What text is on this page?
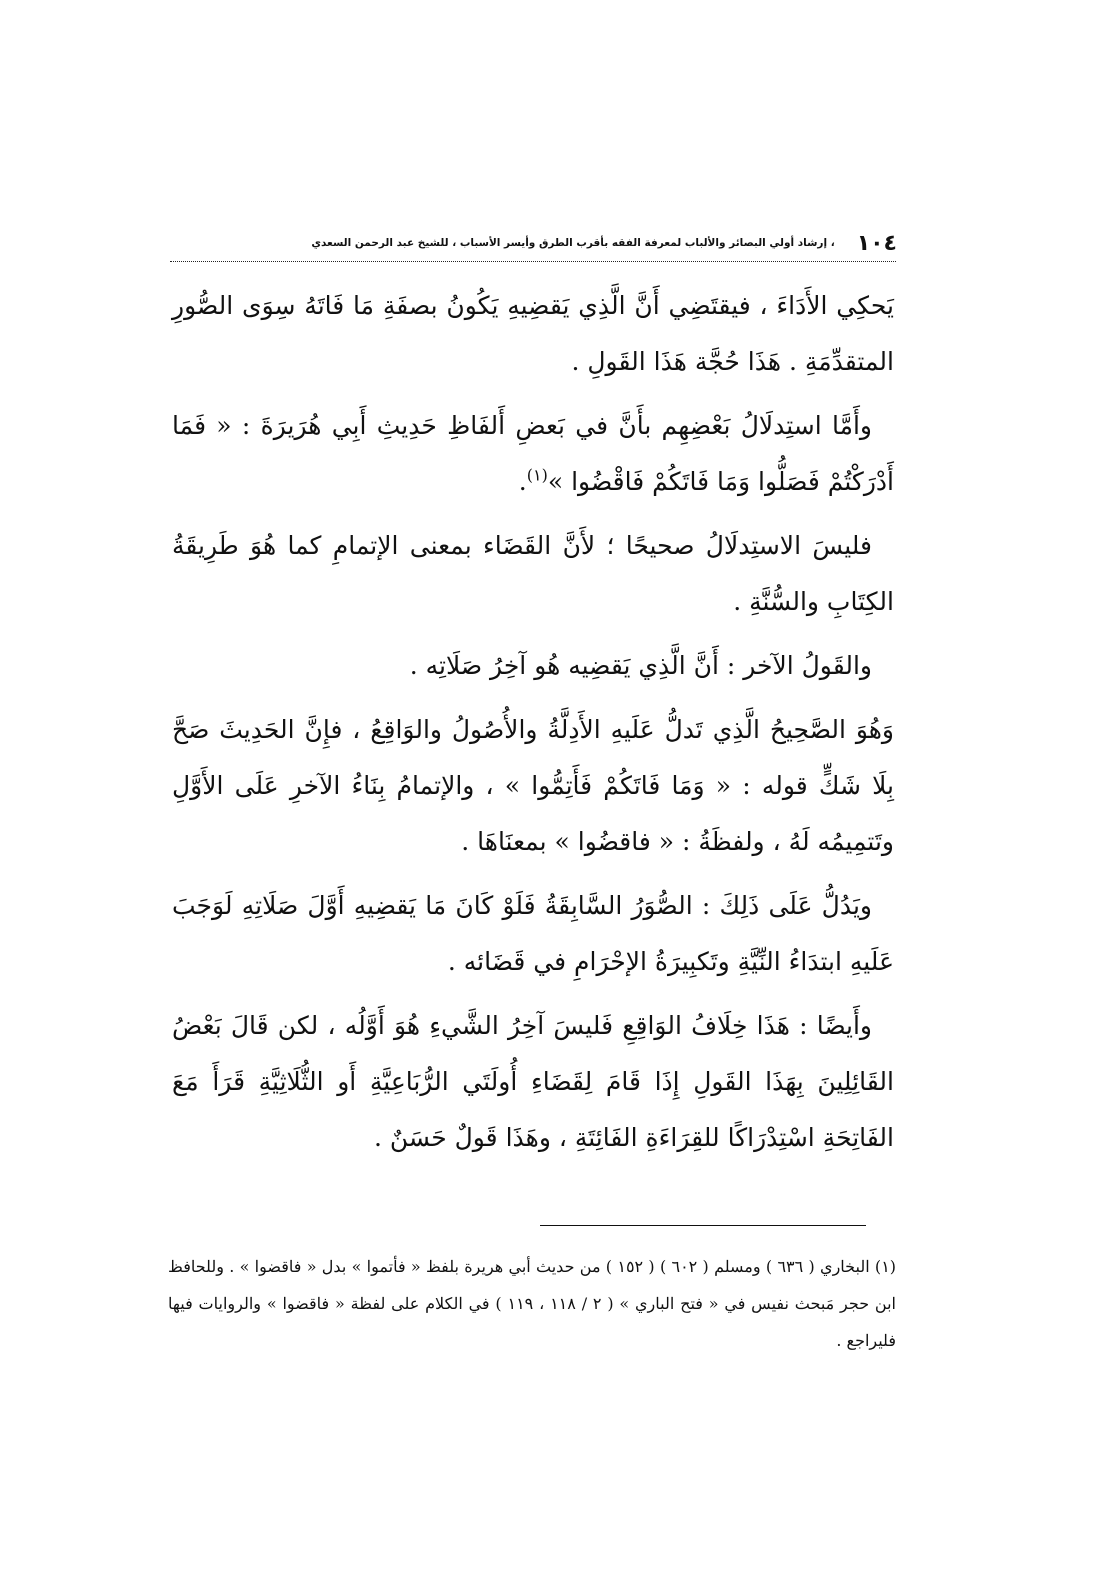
١٠٤
، إرشاد أولي البصائر والألباب لمعرفة الفقه بأقرب الطرق وأيسر الأسباب ، للشيخ عبد الرحمن السعدي

يَحكِي الأَدَاءَ ، فيقتَضِي أَنَّ الَّذِي يَقضِيهِ يَكُونُ بصفَةِ مَا فَاتَهُ سِوَى الصُّورِ المتقدِّمَةِ . هَذَا حُجَّة هَذَا القَولِ .

وأَمَّا استِدلَالُ بَعْضِهِم بأَنَّ في بَعضِ أَلفَاظِ حَدِيثِ أَبِي هُرَيرَةَ : « فَمَا أَدْرَكْتُمْ فَصَلُّوا وَمَا فَاتَكُمْ فَاقْضُوا »$^{(١)}$.

فليسَ الاستِدلَالُ صحيحًا ؛ لأَنَّ القَضَاء بمعنى الإتمامِ كما هُوَ طَرِيقَةُ الكِتَابِ والسُّنَّةِ .

والقَولُ الآخر : أَنَّ الَّذِي يَقضِيه هُو آخِرُ صَلَاتِه .

وَهُوَ الصَّحِيحُ الَّذِي تَدلُّ عَلَيهِ الأَدِلَّةُ والأُصُولُ والوَاقِعُ ، فإِنَّ الحَدِيثَ صَحَّ بِلَا شَكٍّ قوله : « وَمَا فَاتَكُمْ فَأَتِمُّوا » ، والإتمامُ بِنَاءُ الآخرِ عَلَى الأَوَّلِ وتَتمِيمُه لَهُ ، ولفظَةُ : « فاقضُوا » بمعنَاهَا .

ويَدُلُّ عَلَى ذَلِكَ : الصُّوَرُ السَّابِقَةُ فَلَوْ كَانَ مَا يَقضِيهِ أَوَّلَ صَلَاتِهِ لَوَجَبَ عَلَيهِ ابتدَاءُ النِّيَّةِ وتَكبِيرَةُ الإحْرَامِ في قَضَائه .

وأَيضًا : هَذَا خِلَافُ الوَاقِعِ فَليسَ آخِرُ الشَّيءِ هُوَ أَوَّلُه ، لكن قَالَ بَعْضُ القَائِلِينَ بِهَذَا القَولِ إِذَا قَامَ لِقَضَاءِ أُولَتَي الرُّبَاعِيَّةِ أَو الثُّلَاثِيَّةِ قَرَأَ مَعَ الفَاتِحَةِ اسْتِدْرَاكًا للقِرَاءَةِ الفَائِتَةِ ، وهَذَا قَولٌ حَسَنٌ .

(١) البخاري ( ٦٣٦ ) ومسلم ( ٦٠٢ ) ( ١٥٢ ) من حديث أبي هريرة بلفظ « فأتموا » بدل « فاقضوا » . وللحافظ ابن حجر مَبحث نفيس في « فتح الباري » ( ٢ / ١١٨ ، ١١٩ ) في الكلام على لفظة « فاقضوا » والروايات فيها فليراجع .
